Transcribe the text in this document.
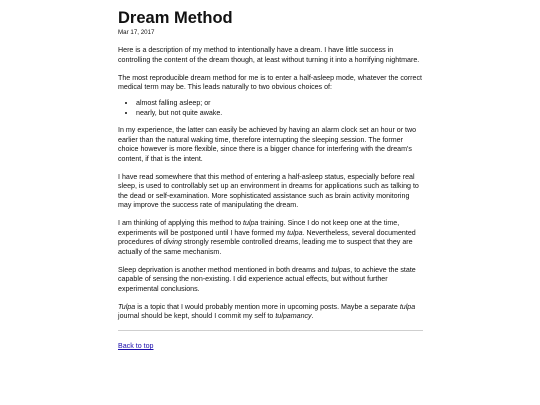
Dream Method
Mar 17, 2017

Here is a description of my method to intentionally have a dream. I have little success in controlling the content of the dream though, at least without turning it into a horrifying nightmare.

The most reproducible dream method for me is to enter a half-asleep mode, whatever the correct medical term may be. This leads naturally to two obvious choices of:

• almost falling asleep; or
• nearly, but not quite awake.

In my experience, the latter can easily be achieved by having an alarm clock set an hour or two earlier than the natural waking time, therefore interrupting the sleeping session. The former choice however is more flexible, since there is a bigger chance for interfering with the dream's content, if that is the intent.

I have read somewhere that this method of entering a half-asleep status, especially before real sleep, is used to controllably set up an environment in dreams for applications such as talking to the dead or self-examination. More sophisticated assistance such as brain activity monitoring may improve the success rate of manipulating the dream.

I am thinking of applying this method to tulpa training. Since I do not keep one at the time, experiments will be postponed until I have formed my tulpa. Nevertheless, several documented procedures of diving strongly resemble controlled dreams, leading me to suspect that they are actually of the same mechanism.

Sleep deprivation is another method mentioned in both dreams and tulpas, to achieve the state capable of sensing the non-existing. I did experience actual effects, but without further experimental conclusions.

Tulpa is a topic that I would probably mention more in upcoming posts. Maybe a separate tulpa journal should be kept, should I commit my self to tulpamancy.

Back to top
